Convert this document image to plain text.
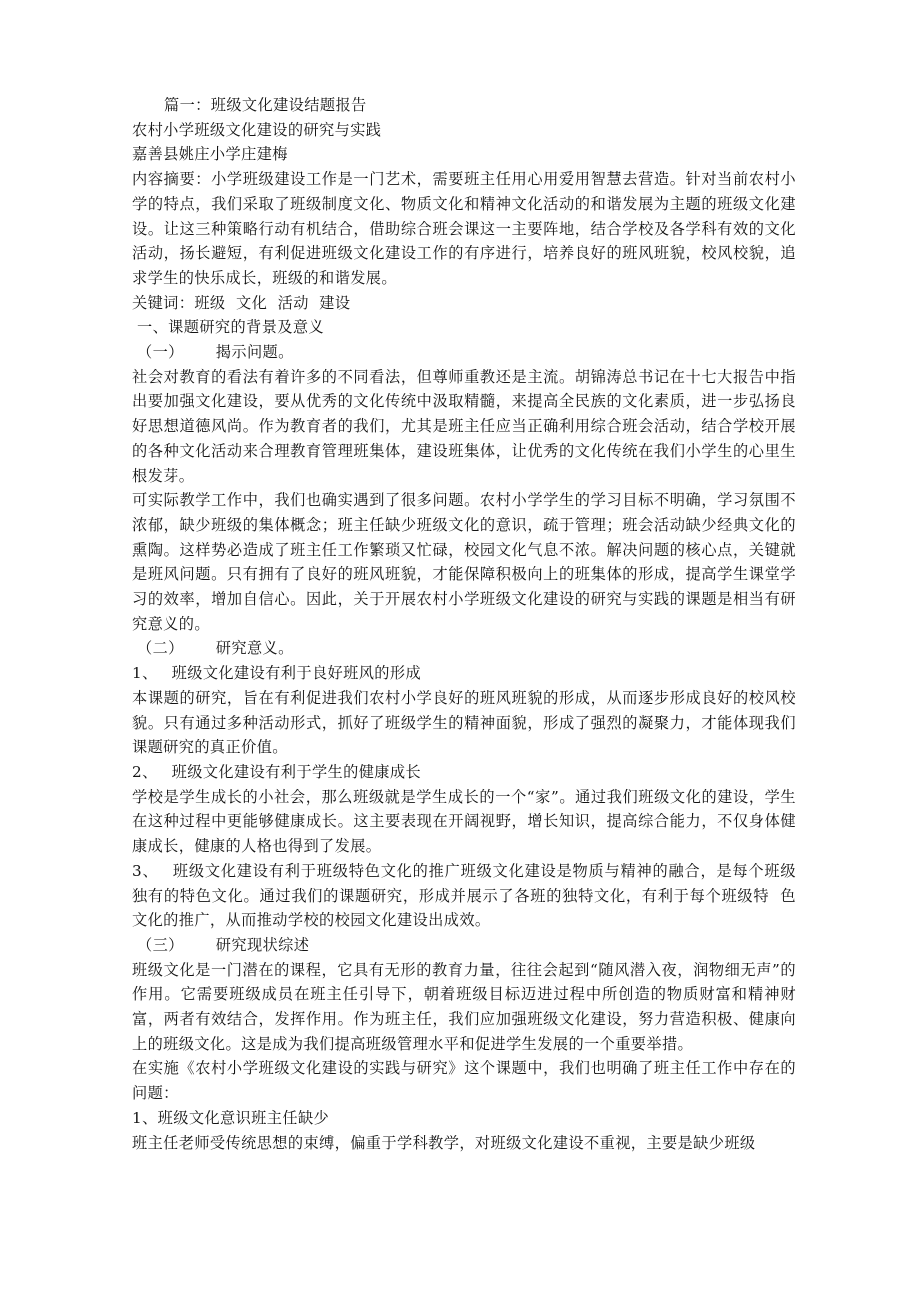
篇一：班级文化建设结题报告

农村小学班级文化建设的研究与实践

嘉善县姚庄小学庄建梅

内容摘要：小学班级建设工作是一门艺术，需要班主任用心用爱用智慧去营造。针对当前农村小学的特点，我们采取了班级制度文化、物质文化和精神文化活动的和谐发展为主题的班级文化建设。让这三种策略行动有机结合，借助综合班会课这一主要阵地，结合学校及各学科有效的文化活动，扬长避短，有利促进班级文化建设工作的有序进行，培养良好的班风班貌，校风校貌，追求学生的快乐成长，班级的和谐发展。

关键词：班级  文化  活动  建设

一、课题研究的背景及意义

（一） 揭示问题。

社会对教育的看法有着许多的不同看法，但尊师重教还是主流。胡锦涛总书记在十七大报告中指出要加强文化建设，要从优秀的文化传统中汲取精髓，来提高全民族的文化素质，进一步弘扬良好思想道德风尚。作为教育者的我们，尤其是班主任应当正确利用综合班会活动，结合学校开展的各种文化活动来合理教育管理班集体，建设班集体，让优秀的文化传统在我们小学生的心里生根发芽。

可实际教学工作中，我们也确实遇到了很多问题。农村小学学生的学习目标不明确，学习氛围不浓郁，缺少班级的集体概念；班主任缺少班级文化的意识，疏于管理；班会活动缺少经典文化的熏陶。这样势必造成了班主任工作繁琐又忙碌，校园文化气息不浓。解决问题的核心点，关键就是班风问题。只有拥有了良好的班风班貌，才能保障积极向上的班集体的形成，提高学生课堂学习的效率，增加自信心。因此，关于开展农村小学班级文化建设的研究与实践的课题是相当有研究意义的。

（二） 研究意义。

1、 班级文化建设有利于良好班风的形成

本课题的研究，旨在有利促进我们农村小学良好的班风班貌的形成，从而逐步形成良好的校风校貌。只有通过多种活动形式，抓好了班级学生的精神面貌，形成了强烈的凝聚力，才能体现我们课题研究的真正价值。

2、 班级文化建设有利于学生的健康成长

学校是学生成长的小社会，那么班级就是学生成长的一个“家”。通过我们班级文化的建设，学生在这种过程中更能够健康成长。这主要表现在开阔视野，增长知识，提高综合能力，不仅身体健康成长，健康的人格也得到了发展。

3、 班级文化建设有利于班级特色文化的推广班级文化建设是物质与精神的融合，是每个班级  独有的特色文化。通过我们的课题研究，形成并展示了各班的独特文化，有利于每个班级特  色文化的推广，从而推动学校的校园文化建设出成效。

（三） 研究现状综述

班级文化是一门潜在的课程，它具有无形的教育力量，往往会起到“随风潜入夜，润物细无声”的作用。它需要班级成员在班主任引导下，朝着班级目标迈进过程中所创造的物质财富和精神财富，两者有效结合，发挥作用。作为班主任，我们应加强班级文化建设，努力营造积极、健康向上的班级文化。这是成为我们提高班级管理水平和促进学生发展的一个重要举措。

在实施《农村小学班级文化建设的实践与研究》这个课题中，我们也明确了班主任工作中存在的问题：

1、班级文化意识班主任缺少

班主任老师受传统思想的束缚，偏重于学科教学，对班级文化建设不重视，主要是缺少班级
